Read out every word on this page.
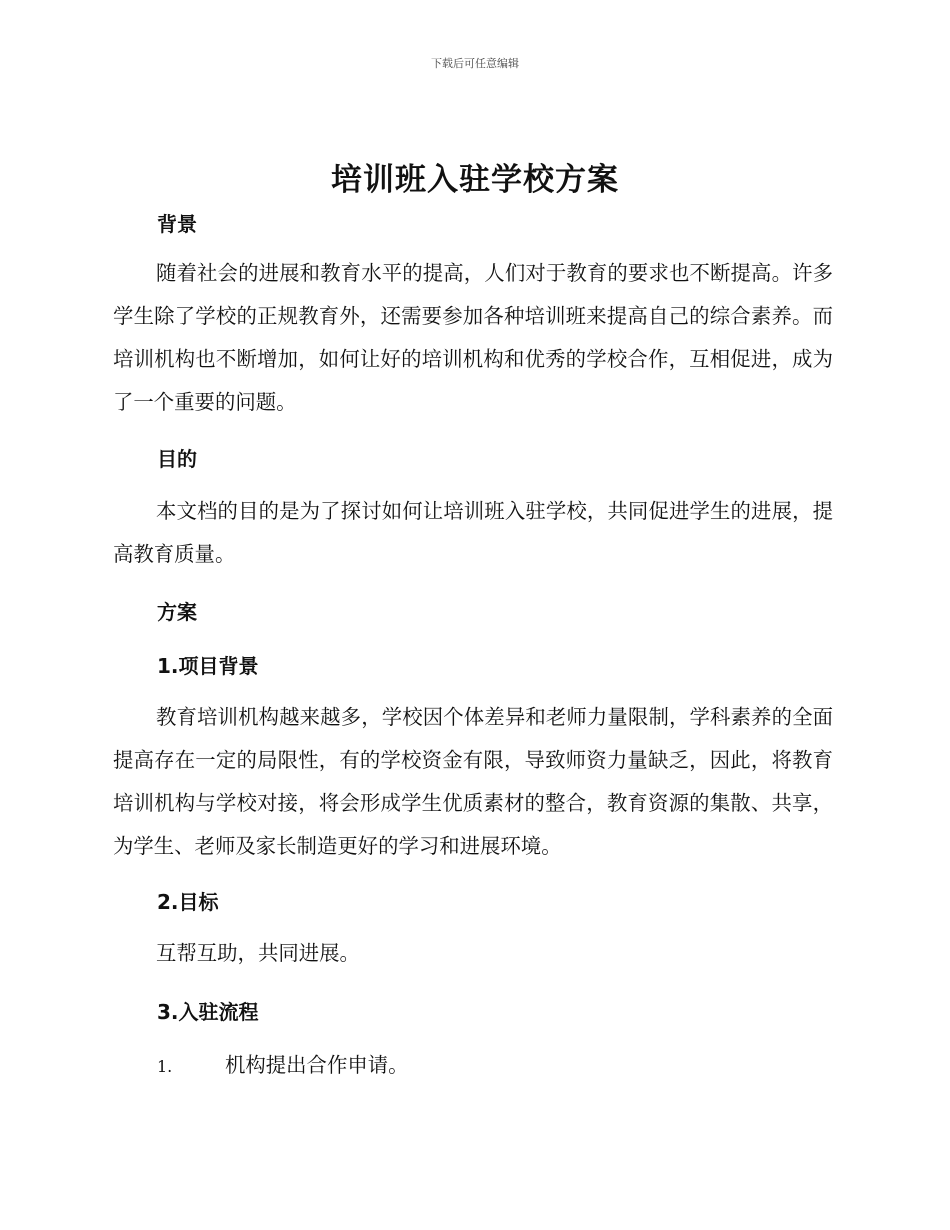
下载后可任意编辑
培训班入驻学校方案
背景

随着社会的进展和教育水平的提高，人们对于教育的要求也不断提高。许多学生除了学校的正规教育外，还需要参加各种培训班来提高自己的综合素养。而培训机构也不断增加，如何让好的培训机构和优秀的学校合作，互相促进，成为了一个重要的问题。

目的

本文档的目的是为了探讨如何让培训班入驻学校，共同促进学生的进展，提高教育质量。

方案
1.项目背景

教育培训机构越来越多，学校因个体差异和老师力量限制，学科素养的全面提高存在一定的局限性，有的学校资金有限，导致师资力量缺乏，因此，将教育培训机构与学校对接，将会形成学生优质素材的整合，教育资源的集散、共享，为学生、老师及家长制造更好的学习和进展环境。

2.目标

互帮互助，共同进展。

3.入驻流程
1.	机构提出合作申请。
